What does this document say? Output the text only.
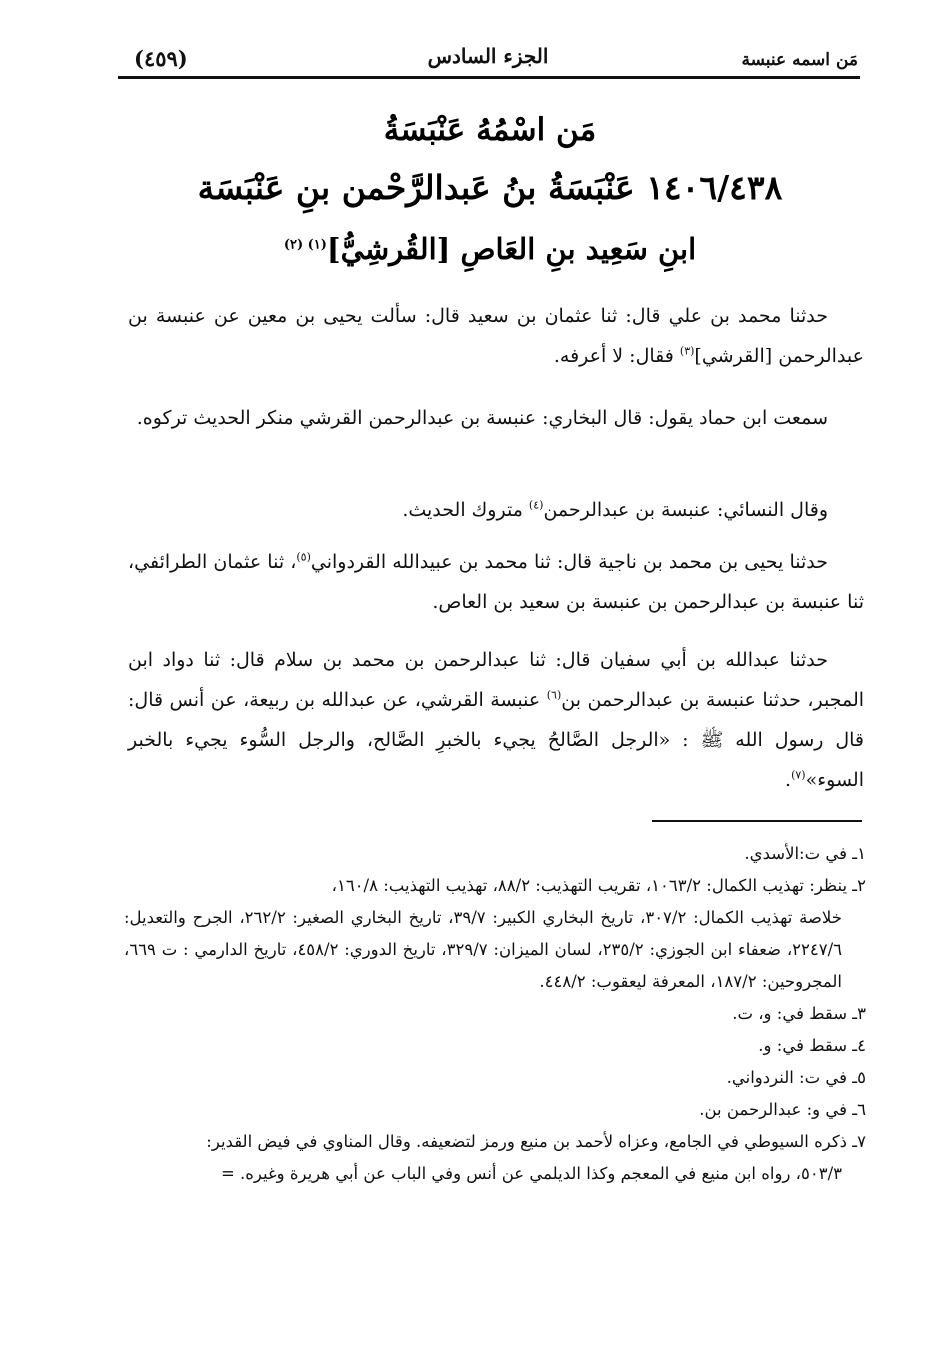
(٤٥٩)	الجزء السادس	مَن اسمه عنبسة
مَن اسْمُهُ عَنْبَسَةُ
١٤٠٦/٤٣٨ عَنْبَسَةُ بنُ عَبدالرَّحْمن بنِ عَنْبَسَة
ابنِ سَعِيد بنِ العَاصِ [القُرشِيُّ]$^{(١) (٢)}$

حدثنا محمد بن علي قال: ثنا عثمان بن سعيد قال: سألت يحيى بن معين عن عنبسة بن عبدالرحمن [القرشي]$^{(٣)}$ فقال: لا أعرفه.

سمعت ابن حماد يقول: قال البخاري: عنبسة بن عبدالرحمن القرشي منكر الحديث تركوه.

وقال النسائي: عنبسة بن عبدالرحمن$^{(٤)}$ متروك الحديث.

حدثنا يحيى بن محمد بن ناجية قال: ثنا محمد بن عبيدالله القردواني$^{(٥)}$، ثنا عثمان الطرائفي، ثنا عنبسة بن عبدالرحمن بن عنبسة بن سعيد بن العاص.

حدثنا عبدالله بن أبي سفيان قال: ثنا عبدالرحمن بن محمد بن سلام قال: ثنا دواد ابن المجبر، حدثنا عنبسة بن عبدالرحمن بن$^{(٦)}$ عنبسة القرشي، عن عبدالله بن ربيعة، عن أنس قال: قال رسول الله ﷺ : «الرجل الصَّالحُ يجيء بالخبرِ الصَّالح، والرجل السُّوء يجيء بالخبر السوء»$^{(٧)}$.

١ـ في ت:الأسدي.

٢ـ ينظر: تهذيب الكمال: ١٠٦٣/٢، تقريب التهذيب: ٨٨/٢، تهذيب التهذيب: ١٦٠/٨،
خلاصة تهذيب الكمال: ٣٠٧/٢، تاريخ البخاري الكبير: ٣٩/٧، تاريخ البخاري الصغير: ٢٦٢/٢، الجرح والتعديل: ٢٢٤٧/٦، ضعفاء ابن الجوزي: ٢٣٥/٢، لسان الميزان: ٣٢٩/٧، تاريخ الدوري: ٤٥٨/٢، تاريخ الدارمي : ت ٦٦٩، المجروحين: ١٨٧/٢، المعرفة ليعقوب: ٤٤٨/٢.

٣ـ سقط في: و، ت.

٤ـ سقط في: و.

٥ـ في ت: النردواني.

٦ـ في و: عبدالرحمن بن.

٧ـ ذكره السيوطي في الجامع، وعزاه لأحمد بن منيع ورمز لتضعيفه. وقال المناوي في فيض القدير:
٥٠٣/٣، رواه ابن منيع في المعجم وكذا الديلمي عن أنس وفي الباب عن أبي هريرة وغيره. =
